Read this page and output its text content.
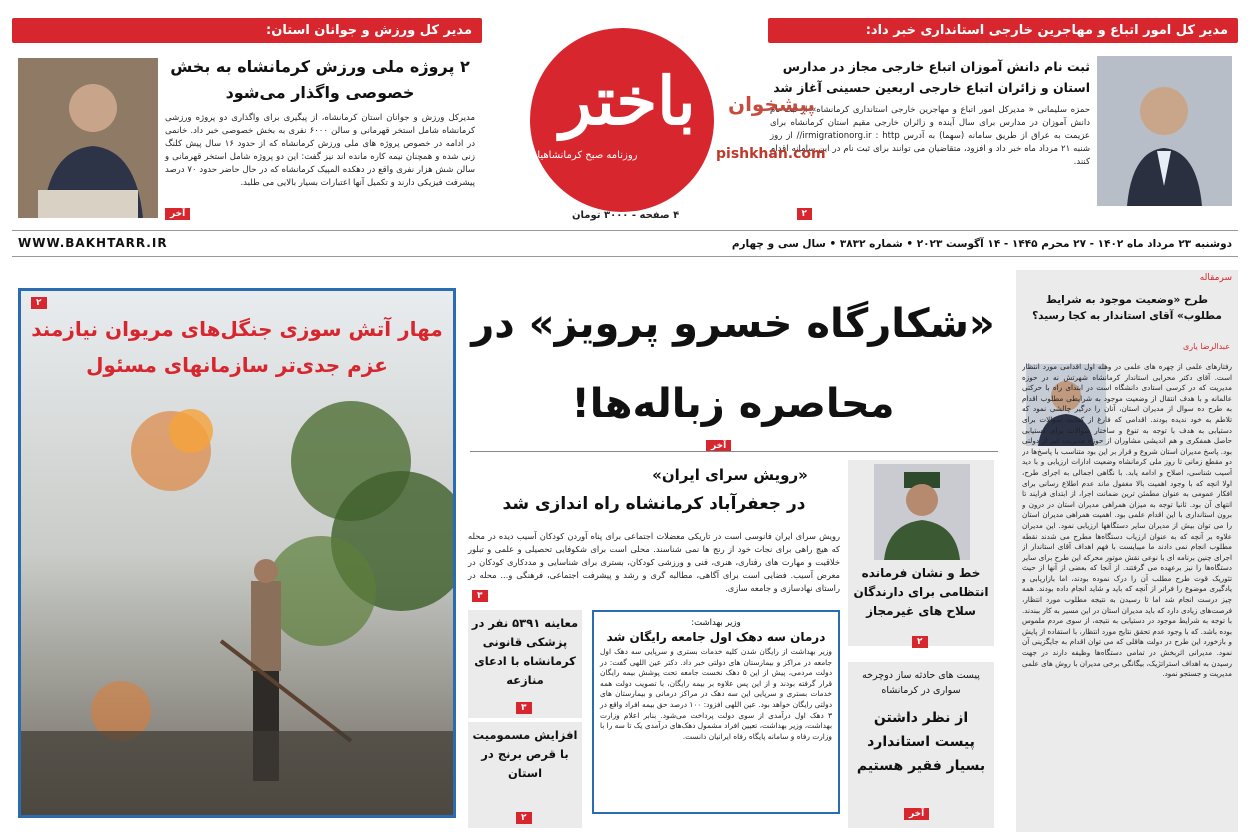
مدیر کل امور اتباع و مهاجرین خارجی استانداری خبر داد:
مدیر کل ورزش و جوانان استان:
ثبت نام دانش آموزان اتباع خارجی مجاز در مدارس استان و زائران اتباع خارجی اربعین حسینی آغاز شد
حمزه سلیمانی « مدیرکل امور اتباع و مهاجرین خارجی استانداری کرمانشاه» از ثبت نام دانش آموزان در مدارس برای سال آینده و زائران خارجی مقیم استان کرمانشاه برای عزیمت به عراق از طریق سامانه (سهما) به آدرس irmigrationorg.ir : http// از روز شنبه ۲۱ مرداد ماه خبر داد و افزود، متقاضیان می توانند برای ثبت نام در این سامانه اقدام کنند.
۲
۲ پروژه ملی ورزش کرمانشاه به بخش خصوصی واگذار می‌شود
مدیرکل ورزش و جوانان استان کرمانشاه، از پیگیری برای واگذاری دو پروژه ورزشی کرمانشاه شامل استخر قهرمانی و سالن ۶۰۰۰ نفری به بخش خصوصی خبر داد. خانمی در ادامه در خصوص پروژه های ملی ورزش کرمانشاه که از حدود ۱۶ سال پیش کلنگ زنی شده و همچنان نیمه کاره مانده اند نیز گفت: این دو پروژه شامل استخر قهرمانی و سالن شش هزار نفری واقع در دهکده المپیک کرمانشاه که در حال حاضر حدود ۷۰ درصد پیشرفت فیزیکی دارند و تکمیل آنها اعتبارات بسیار بالایی می طلبد.
آخر
باختر
روزنامه صبح کرمانشاهیان
۴ صفحه - ۳۰۰۰ تومان
پیشخوان
pishkhan.com
دوشنبه ۲۳ مرداد ماه ۱۴۰۲ - ۲۷ محرم ۱۴۴۵ - ۱۴ آگوست ۲۰۲۳ • شماره ۳۸۳۲ • سال سی و چهارم
WWW.BAKHTARR.IR
سرمقاله
طرح «وضعیت موجود به شرایط مطلوب» آقای استاندار به کجا رسید؟
عبدالرضا یاری
رفتارهای علمی از چهره های علمی در وهله اول اقدامی مورد انتظار است. آقای دکتر محرابی استاندار کرمانشاه شهرتش نه در حوزه مدیریت که در کرسی استادی دانشگاه است در ابتدای راه با حرکتی عالمانه و با هدف انتقال از وضعیت موجود به شرایطی مطلوب اقدام به طرح ده سوال از مدیران استان، آنان را درگیر چالشی نمود که تلاطم به خود ندیده بودند. اقدامی که فارغ از کفایت سوالات برای دستیابی به هدف با توجه به تنوع و ساختار سوالات برای دستیابی حاصل همفکری و هم اندیشی مشاوران از حوزه مدیریت غیر از دولتی بود. پاسخ مدیران استان شروع و قرار بر این بود متناسب با پاسخ‌ها در دو مقطع زمانی تا روز ملی کرمانشاه وضعیت ادارات ارزیابی و با دید آسیب شناسی، اصلاح و ادامه یابد. با نگاهی اجمالی به اجرای طرح، اولا انچه که با وجود اهمیت بالا مغفول ماند عدم اطلاع رسانی برای افکار عمومی به عنوان مطمئن ترین ضمانت اجرا، از ابتدای فرایند تا انتهای آن بود. ثانیا توجه به میزان همراهی مدیران استان در درون و برون استانداری با این اقدام علمی بود. اهمیت همراهی مدیران استان را می توان بیش از مدیران سایر دستگاهها ارزیابی نمود. این مدیران علاوه بر آنچه که به عنوان ارزیاب دستگاه‌ها مطرح می شدند نقطه مطلوب انجام نمی دادند ما میبایست با فهم اهداف آقای استاندار از اجرای چنین برنامه ای با نوعی نقش موتور محرکه این طرح برای سایر دستگاه‌ها را نیز برعهده می گرفتند. از آنجا که بعضی از آنها از حیث تئوریک قوت طرح مطلب آن را درک نموده بودند، اما بازاریابی و یادگیری موضوع را فراتر از آنچه که باید و شاید انجام داده بودند. همه چیز درست انجام شد اما تا رسیدن به نتیجه مطلوب مورد انتظار، فرصت‌های زیادی دارد که باید مدیران استان در این مسیر به کار ببندند. با توجه به شرایط موجود در دستیابی به نتیجه، از سوی مردم ملموس بوده باشد. که با وجود عدم تحقق نتایج مورد انتظار، با استفاده از پایش و بازخورد این طرح در دولت هاقلی که می توان اقدام به جایگزینی آن نمود. مدیرانی اثربخش در تمامی دستگاه‌ها وظیفه دارند در جهت رسیدن به اهداف استراتژیک، بیگانگی برخی مدیران با روش های علمی مدیریت و جستجو نمود.
«شکارگاه خسرو پرویز» در محاصره زباله‌ها!
آخر
۲
مهار آتش سوزی جنگل‌های مریوان نیازمند عزم جدی‌تر سازمانهای مسئول
«رویش سرای ایران»
در جعفرآباد کرمانشاه راه اندازی شد
رویش سرای ایران فانوسی است در تاریکی معضلات اجتماعی برای پناه آوردن کودکان آسیب دیده در محله که هیچ راهی برای نجات خود از رنج ها نمی شناسند. محلی است برای شکوفایی تحصیلی و علمی و تبلور خلاقیت و مهارت های رفتاری، هنری، فنی و ورزشی کودکان، بستری برای شناسایی و مددکاری کودکان در معرض آسیب. فضایی است برای آگاهی، مطالبه گری و رشد و پیشرفت اجتماعی، فرهنگی و... محله در راستای نهادسازی و جامعه سازی.
۳
خط و نشان فرمانده انتظامی برای دارندگان سلاح های غیرمجاز
۲
معاینه ۵۳۹۱ نفر در پزشکی قانونی کرمانشاه با ادعای منازعه
۳
افزایش مسمومیت با قرص برنج در استان
۲
وزیر بهداشت:
درمان سه دهک اول جامعه رایگان شد
وزیر بهداشت از رایگان شدن کلیه خدمات بستری و سرپایی سه دهک اول جامعه در مراکز و بیمارستان های دولتی خبر داد. دکتر عین اللهی گفت: در دولت مردمی، پیش از این ۵ دهک نخست جامعه تحت پوشش بیمه رایگان قرار گرفته بودند و از این پس علاوه بر بیمه رایگان، با تصویب دولت همه خدمات بستری و سرپایی این سه دهک در مراکز درمانی و بیمارستان های دولتی رایگان خواهد بود. عین اللهی افزود: ۱۰۰ درصد حق بیمه افراد واقع در ۳ دهک اول درآمدی از سوی دولت پرداخت می‌شود. بنابر اعلام وزارت بهداشت، وزیر بهداشت، تعیین افراد مشمول دهک‌های درآمدی یک تا سه را با وزارت رفاه و سامانه پایگاه رفاه ایرانیان دانست.
پیست های حادثه ساز دوچرخه سواری در کرمانشاه
از نظر داشتن پیست استاندارد بسیار فقیر هستیم
آخر
